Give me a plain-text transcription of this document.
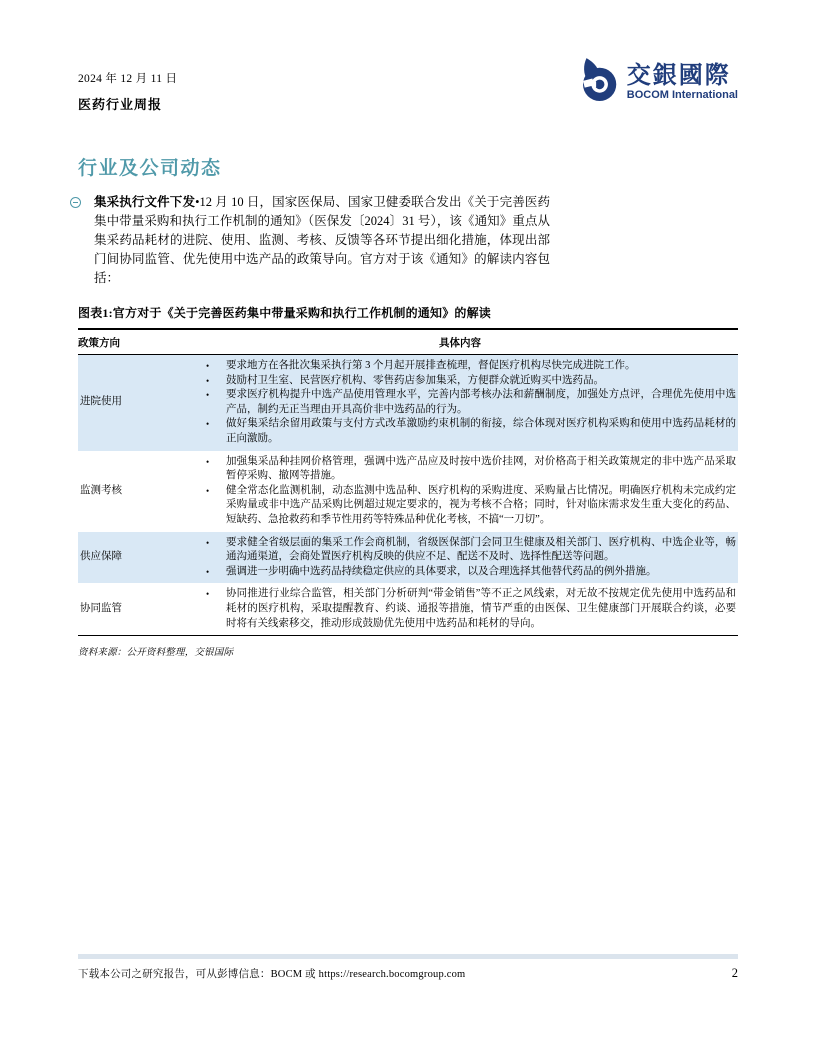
2024 年 12 月 11 日
医药行业周报
交銀國際
BOCOM International
行业及公司动态
集采执行文件下发•12 月 10 日，国家医保局、国家卫健委联合发出《关于完善医药集中带量采购和执行工作机制的通知》（医保发〔2024〕31 号），该《通知》重点从集采药品耗材的进院、使用、监测、考核、反馈等各环节提出细化措施，体现出部门间协同监管、优先使用中选产品的政策导向。官方对于该《通知》的解读内容包括：
图表1:官方对于《关于完善医药集中带量采购和执行工作机制的通知》的解读
政策方向	具体内容
进院使用	
•	要求地方在各批次集采执行第 3 个月起开展排查梳理，督促医疗机构尽快完成进院工作。
•	鼓励村卫生室、民营医疗机构、零售药店参加集采，方便群众就近购买中选药品。
•	要求医疗机构提升中选产品使用管理水平，完善内部考核办法和薪酬制度，加强处方点评，合理优先使用中选产品，制约无正当理由开具高价非中选药品的行为。
•	做好集采结余留用政策与支付方式改革激励约束机制的衔接，综合体现对医疗机构采购和使用中选药品耗材的正向激励。

监测考核	• 加强集采品种挂网价格管理，强调中选产品应及时按中选价挂网，对价格高于相关政策规定的非中选产品采取暂停采购、撤网等措施。
• 健全常态化监测机制，动态监测中选品种、医疗机构的采购进度、采购量占比情况。明确医疗机构未完成约定采购量或非中选产品采购比例超过规定要求的，视为考核不合格；同时，针对临床需求发生重大变化的药品、短缺药、急抢救药和季节性用药等特殊品种优化考核，不搞“一刀切”。

供应保障	• 要求健全省级层面的集采工作会商机制，省级医保部门会同卫生健康及相关部门、医疗机构、中选企业等，畅通沟通渠道，会商处置医疗机构反映的供应不足、配送不及时、选择性配送等问题。
• 强调进一步明确中选药品持续稳定供应的具体要求，以及合理选择其他替代药品的例外措施。

协同监管	• 协同推进行业综合监管，相关部门分析研判“带金销售”等不正之风线索，对无故不按规定优先使用中选药品和耗材的医疗机构，采取提醒教育、约谈、通报等措施，情节严重的由医保、卫生健康部门开展联合约谈，必要时将有关线索移交，推动形成鼓励优先使用中选药品和耗材的导向。
资料来源：公开资料整理，交银国际
下载本公司之研究报告，可从彭博信息：BOCM 或 https://research.bocomgroup.com	2
